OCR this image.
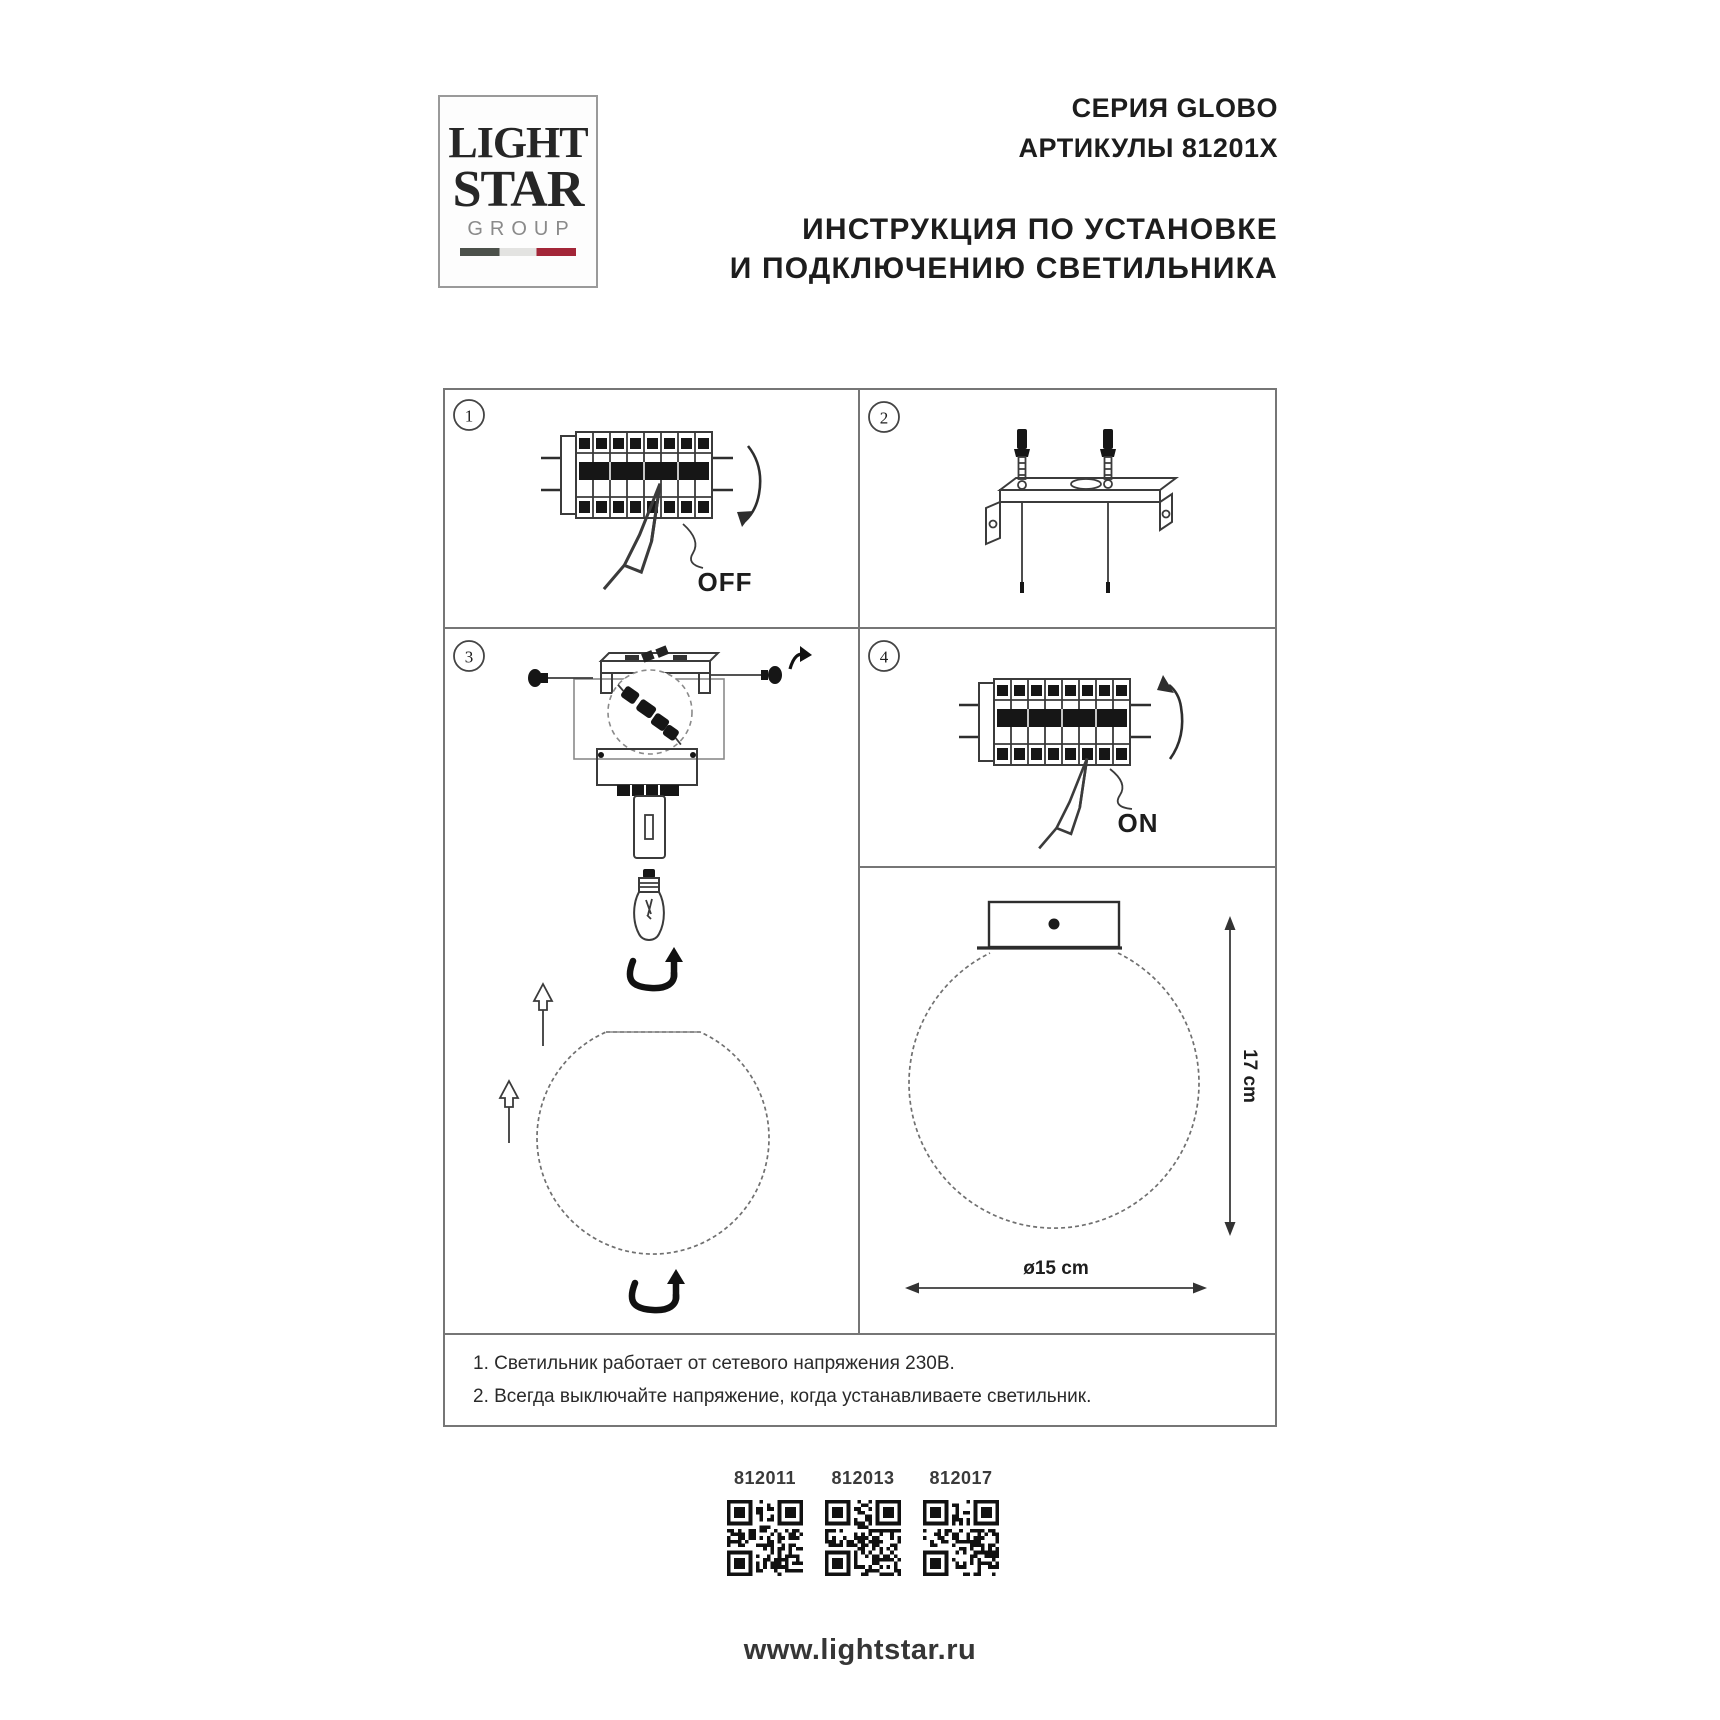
LIGHT
STAR
GROUP
СЕРИЯ GLOBO
АРТИКУЛЫ 81201X
ИНСТРУКЦИЯ ПО УСТАНОВКЕ
И ПОДКЛЮЧЕНИЮ СВЕТИЛЬНИКА
1
OFF
2
3	4
ON
17 cm
ø15 cm
1. Светильник работает от сетевого напряжения 230В.
2. Всегда выключайте напряжение, когда устанавливаете светильник.
812011	812013	812017
www.lightstar.ru
